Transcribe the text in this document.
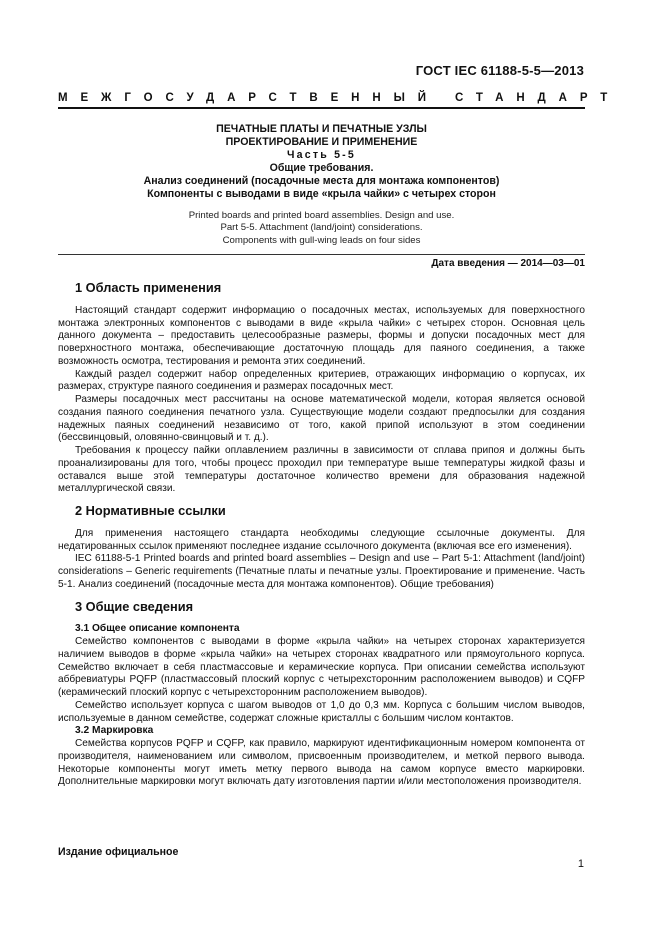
ГОСТ IEC 61188-5-5—2013
МЕЖГОСУДАРСТВЕННЫЙ СТАНДАРТ
ПЕЧАТНЫЕ ПЛАТЫ И ПЕЧАТНЫЕ УЗЛЫ
ПРОЕКТИРОВАНИЕ И ПРИМЕНЕНИЕ
Часть 5-5
Общие требования.
Анализ соединений (посадочные места для монтажа компонентов)
Компоненты с выводами в виде «крыла чайки» с четырех сторон
Printed boards and printed board assemblies. Design and use.
Part 5-5. Attachment (land/joint) considerations.
Components with gull-wing leads on four sides
Дата введения — 2014—03—01
1 Область применения

Настоящий стандарт содержит информацию о посадочных местах, используемых для поверхностного монтажа электронных компонентов с выводами в виде «крыла чайки» с четырех сторон. Основная цель данного документа – предоставить целесообразные размеры, формы и допуски посадочных мест для поверхностного монтажа, обеспечивающие достаточную площадь для паяного соединения, а также возможность осмотра, тестирования и ремонта этих соединений.

Каждый раздел содержит набор определенных критериев, отражающих информацию о корпусах, их размерах, структуре паяного соединения и размерах посадочных мест.

Размеры посадочных мест рассчитаны на основе математической модели, которая является основой создания паяного соединения печатного узла. Существующие модели создают предпосылки для создания надежных паяных соединений независимо от того, какой припой используют в этом соединении (бессвинцовый, оловянно-свинцовый и т. д.).

Требования к процессу пайки оплавлением различны в зависимости от сплава припоя и должны быть проанализированы для того, чтобы процесс проходил при температуре выше температуры жидкой фазы и оставался выше этой температуры достаточное количество времени для образования надежной металлургической связи.

2 Нормативные ссылки

Для применения настоящего стандарта необходимы следующие ссылочные документы. Для недатированных ссылок применяют последнее издание ссылочного документа (включая все его изменения).

IEC 61188-5-1 Printed boards and printed board assemblies – Design and use – Part 5-1: Attachment (land/joint) considerations – Generic requirements (Печатные платы и печатные узлы. Проектирование и применение. Часть 5-1. Анализ соединений (посадочные места для монтажа компонентов). Общие требования)

3 Общие сведения
3.1 Общее описание компонента

Семейство компонентов с выводами в форме «крыла чайки» на четырех сторонах характеризуется наличием выводов в форме «крыла чайки» на четырех сторонах квадратного или прямоугольного корпуса. Семейство включает в себя пластмассовые и керамические корпуса. При описании семейства используют аббревиатуры PQFP (пластмассовый плоский корпус с четырехсторонним расположением выводов) и CQFP (керамический плоский корпус с четырехсторонним расположением выводов).

Семейство использует корпуса с шагом выводов от 1,0 до 0,3 мм. Корпуса с большим числом выводов, используемые в данном семействе, содержат сложные кристаллы с большим числом контактов.

3.2 Маркировка

Семейства корпусов PQFP и CQFP, как правило, маркируют идентификационным номером компонента от производителя, наименованием или символом, присвоенным производителем, и меткой первого вывода. Некоторые компоненты могут иметь метку первого вывода на самом корпусе вместо маркировки. Дополнительные маркировки могут включать дату изготовления партии и/или местоположения производителя.

Издание официальное
1
